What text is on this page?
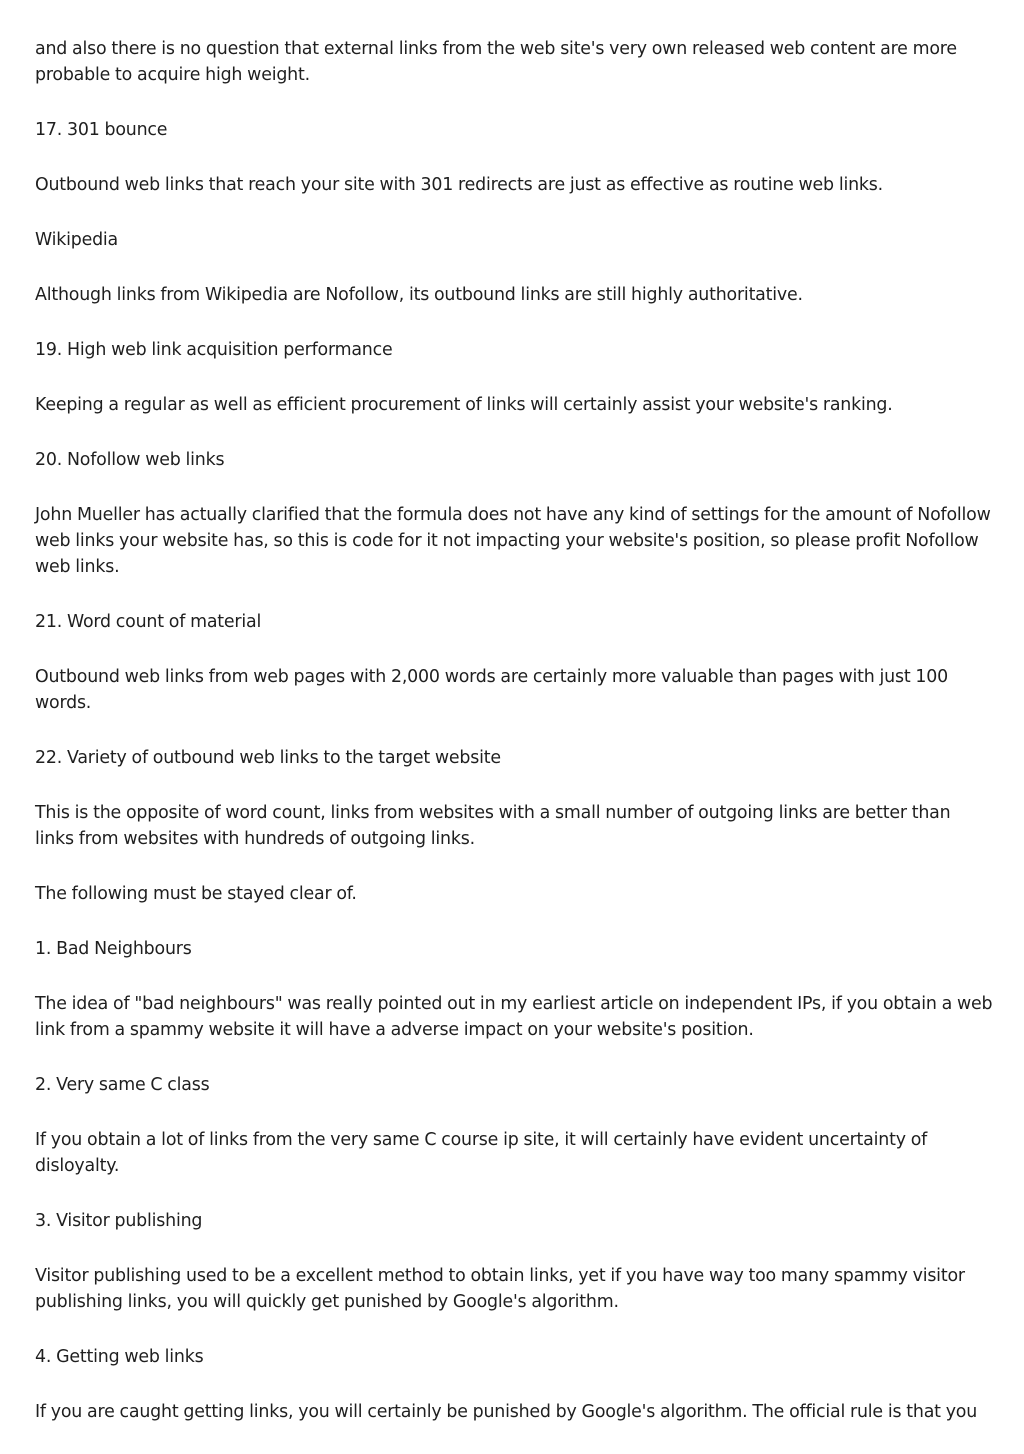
and also there is no question that external links from the web site's very own released web content are more probable to acquire high weight.

17. 301 bounce

Outbound web links that reach your site with 301 redirects are just as effective as routine web links.

Wikipedia

Although links from Wikipedia are Nofollow, its outbound links are still highly authoritative.

19. High web link acquisition performance

Keeping a regular as well as efficient procurement of links will certainly assist your website's ranking.

20. Nofollow web links

John Mueller has actually clarified that the formula does not have any kind of settings for the amount of Nofollow web links your website has, so this is code for it not impacting your website's position, so please profit Nofollow web links.

21. Word count of material

Outbound web links from web pages with 2,000 words are certainly more valuable than pages with just 100 words.

22. Variety of outbound web links to the target website

This is the opposite of word count, links from websites with a small number of outgoing links are better than links from websites with hundreds of outgoing links.

The following must be stayed clear of.

1. Bad Neighbours

The idea of "bad neighbours" was really pointed out in my earliest article on independent IPs, if you obtain a web link from a spammy website it will have a adverse impact on your website's position.

2. Very same C class

If you obtain a lot of links from the very same C course ip site, it will certainly have evident uncertainty of disloyalty.

3. Visitor publishing

Visitor publishing used to be a excellent method to obtain links, yet if you have way too many spammy visitor publishing links, you will quickly get punished by Google's algorithm.

4. Getting web links

If you are caught getting links, you will certainly be punished by Google's algorithm. The official rule is that you
